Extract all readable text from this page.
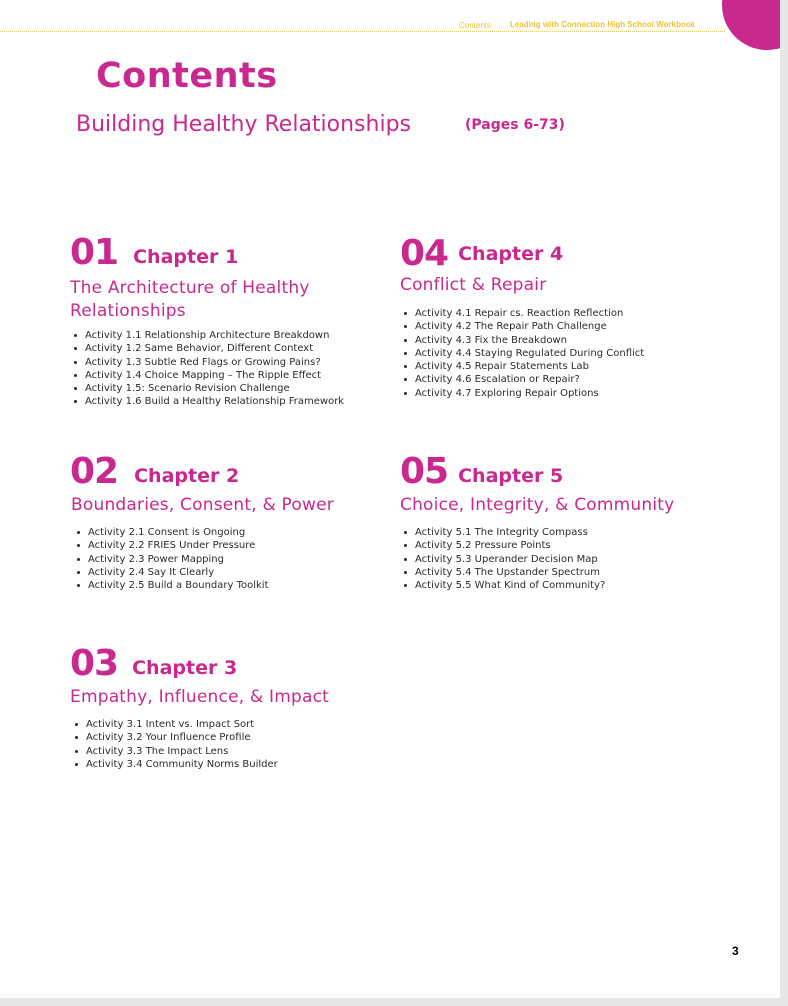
Contents Leading with Connection High School Workbook
Contents
Building Healthy Relationships	(Pages 6-73)
01 Chapter 1
The Architecture of Healthy
Relationships
Activity 1.1 Relationship Architecture Breakdown
Activity 1.2 Same Behavior, Different Context
Activity 1.3 Subtle Red Flags or Growing Pains?
Activity 1.4 Choice Mapping – The Ripple Effect
Activity 1.5: Scenario Revision Challenge
Activity 1.6 Build a Healthy Relationship Framework
02 Chapter 2
Boundaries, Consent, & Power
Activity 2.1 Consent is Ongoing
Activity 2.2 FRIES Under Pressure
Activity 2.3 Power Mapping
Activity 2.4 Say It Clearly
Activity 2.5 Build a Boundary Toolkit
03 Chapter 3
Empathy, Influence, & Impact
Activity 3.1 Intent vs. Impact Sort
Activity 3.2 Your Influence Profile
Activity 3.3 The Impact Lens
Activity 3.4 Community Norms Builder
04 Chapter 4
Conflict & Repair
Activity 4.1 Repair cs. Reaction Reflection
Activity 4.2 The Repair Path Challenge
Activity 4.3 Fix the Breakdown
Activity 4.4 Staying Regulated During Conflict
Activity 4.5 Repair Statements Lab
Activity 4.6 Escalation or Repair?
Activity 4.7 Exploring Repair Options
05 Chapter 5
Choice, Integrity, & Community
Activity 5.1 The Integrity Compass
Activity 5.2 Pressure Points
Activity 5.3 Uperander Decision Map
Activity 5.4 The Upstander Spectrum
Activity 5.5 What Kind of Community?
3
